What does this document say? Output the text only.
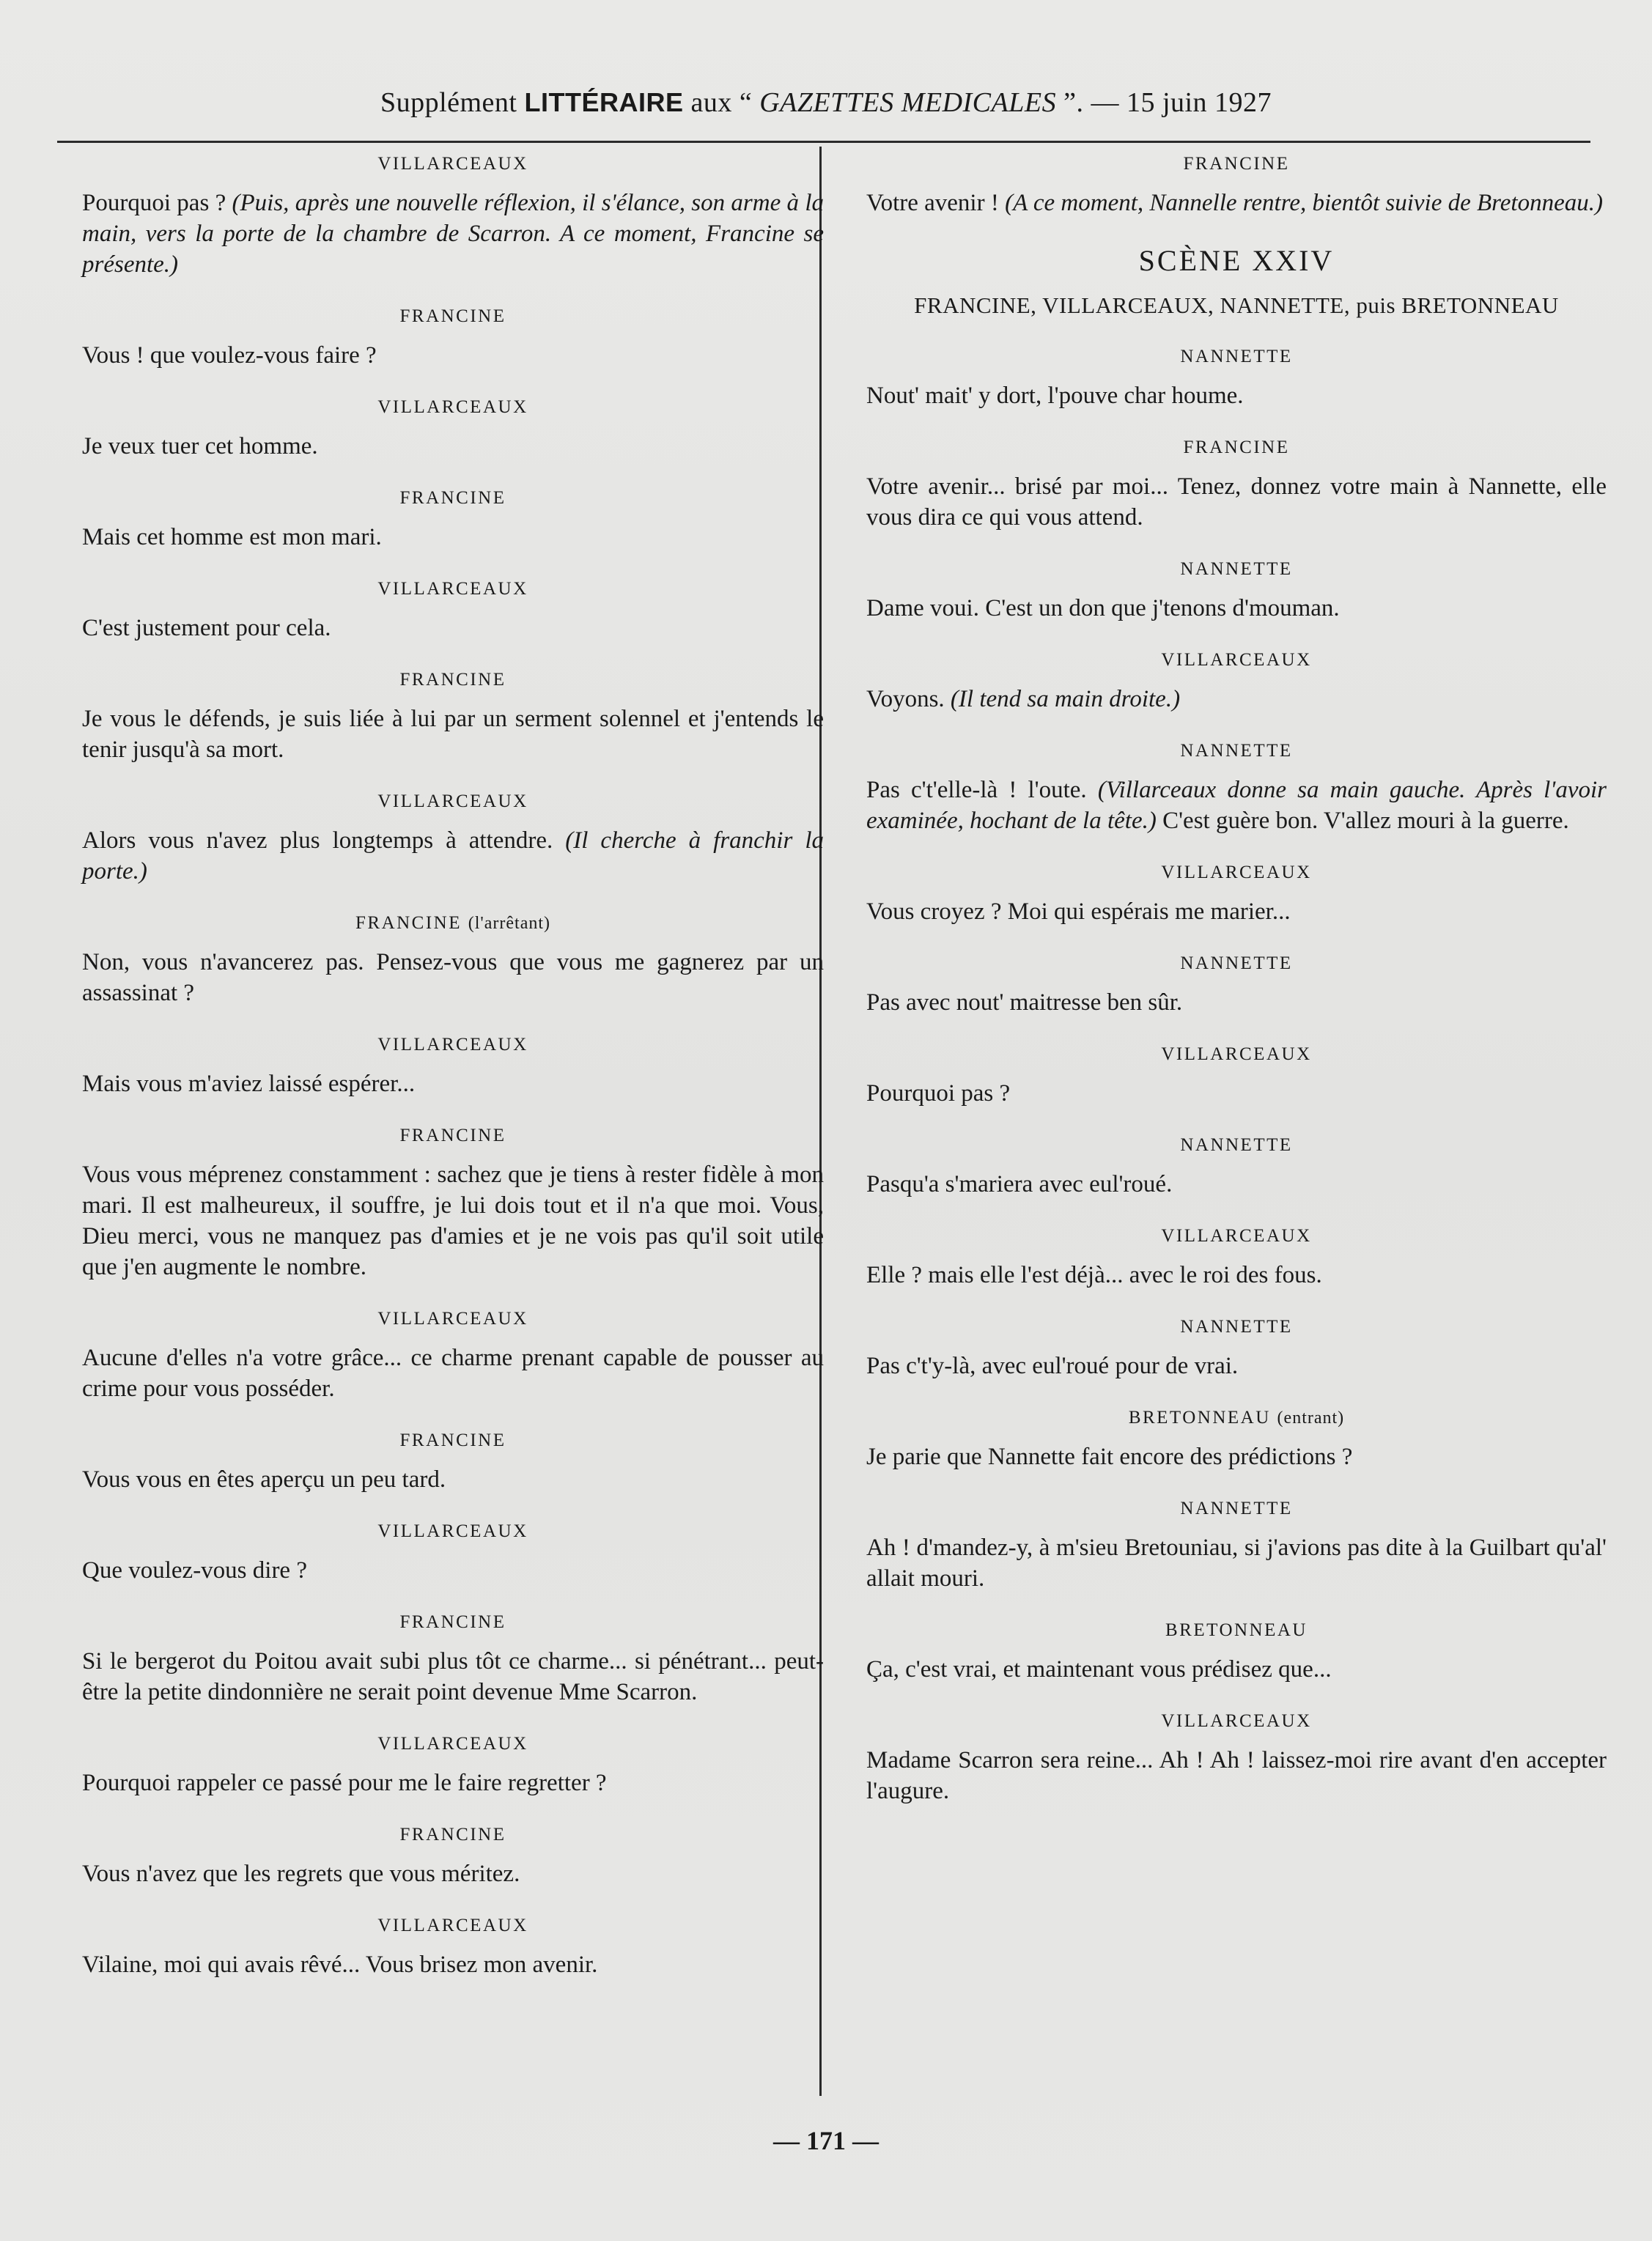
Supplément LITTÉRAIRE aux “ GAZETTES MEDICALES ”. — 15 juin 1927
VILLARCEAUX
Pourquoi pas ? (Puis, après une nouvelle réflexion, il s'élance, son arme à la main, vers la porte de la chambre de Scarron. A ce moment, Francine se présente.)
FRANCINE
Vous ! que voulez-vous faire ?
VILLARCEAUX
Je veux tuer cet homme.
FRANCINE
Mais cet homme est mon mari.
VILLARCEAUX
C'est justement pour cela.
FRANCINE
Je vous le défends, je suis liée à lui par un serment solennel et j'entends le tenir jusqu'à sa mort.
VILLARCEAUX
Alors vous n'avez plus longtemps à attendre. (Il cherche à franchir la porte.)
FRANCINE (l'arrêtant)
Non, vous n'avancerez pas. Pensez-vous que vous me gagnerez par un assassinat ?
VILLARCEAUX
Mais vous m'aviez laissé espérer...
FRANCINE
Vous vous méprenez constamment : sachez que je tiens à rester fidèle à mon mari. Il est malheureux, il souffre, je lui dois tout et il n'a que moi. Vous, Dieu merci, vous ne manquez pas d'amies et je ne vois pas qu'il soit utile que j'en augmente le nombre.
VILLARCEAUX
Aucune d'elles n'a votre grâce... ce charme prenant capable de pousser au crime pour vous posséder.
FRANCINE
Vous vous en êtes aperçu un peu tard.
VILLARCEAUX
Que voulez-vous dire ?
FRANCINE
Si le bergerot du Poitou avait subi plus tôt ce charme... si pénétrant... peut-être la petite dindonnière ne serait point devenue Mme Scarron.
VILLARCEAUX
Pourquoi rappeler ce passé pour me le faire regretter ?
FRANCINE
Vous n'avez que les regrets que vous méritez.
VILLARCEAUX
Vilaine, moi qui avais rêvé... Vous brisez mon avenir.
FRANCINE
Votre avenir ! (A ce moment, Nannelle rentre, bientôt suivie de Bretonneau.)
SCÈNE XXIV
FRANCINE, VILLARCEAUX, NANNETTE, puis BRETONNEAU
NANNETTE
Nout' mait' y dort, l'pouve char houme.
FRANCINE
Votre avenir... brisé par moi... Tenez, donnez votre main à Nannette, elle vous dira ce qui vous attend.
NANNETTE
Dame voui. C'est un don que j'tenons d'mouman.
VILLARCEAUX
Voyons. (Il tend sa main droite.)
NANNETTE
Pas c't'elle-là ! l'oute. (Villarceaux donne sa main gauche. Après l'avoir examinée, hochant de la tête.) C'est guère bon. V'allez mouri à la guerre.
VILLARCEAUX
Vous croyez ? Moi qui espérais me marier...
NANNETTE
Pas avec nout' maitresse ben sûr.
VILLARCEAUX
Pourquoi pas ?
NANNETTE
Pasqu'a s'mariera avec eul'roué.
VILLARCEAUX
Elle ? mais elle l'est déjà... avec le roi des fous.
NANNETTE
Pas c't'y-là, avec eul'roué pour de vrai.
BRETONNEAU (entrant)
Je parie que Nannette fait encore des prédictions ?
NANNETTE
Ah ! d'mandez-y, à m'sieu Bretouniau, si j'avions pas dite à la Guilbart qu'al' allait mouri.
BRETONNEAU
Ça, c'est vrai, et maintenant vous prédisez que...
VILLARCEAUX
Madame Scarron sera reine... Ah ! Ah ! laissez-moi rire avant d'en accepter l'augure.
— 171 —
